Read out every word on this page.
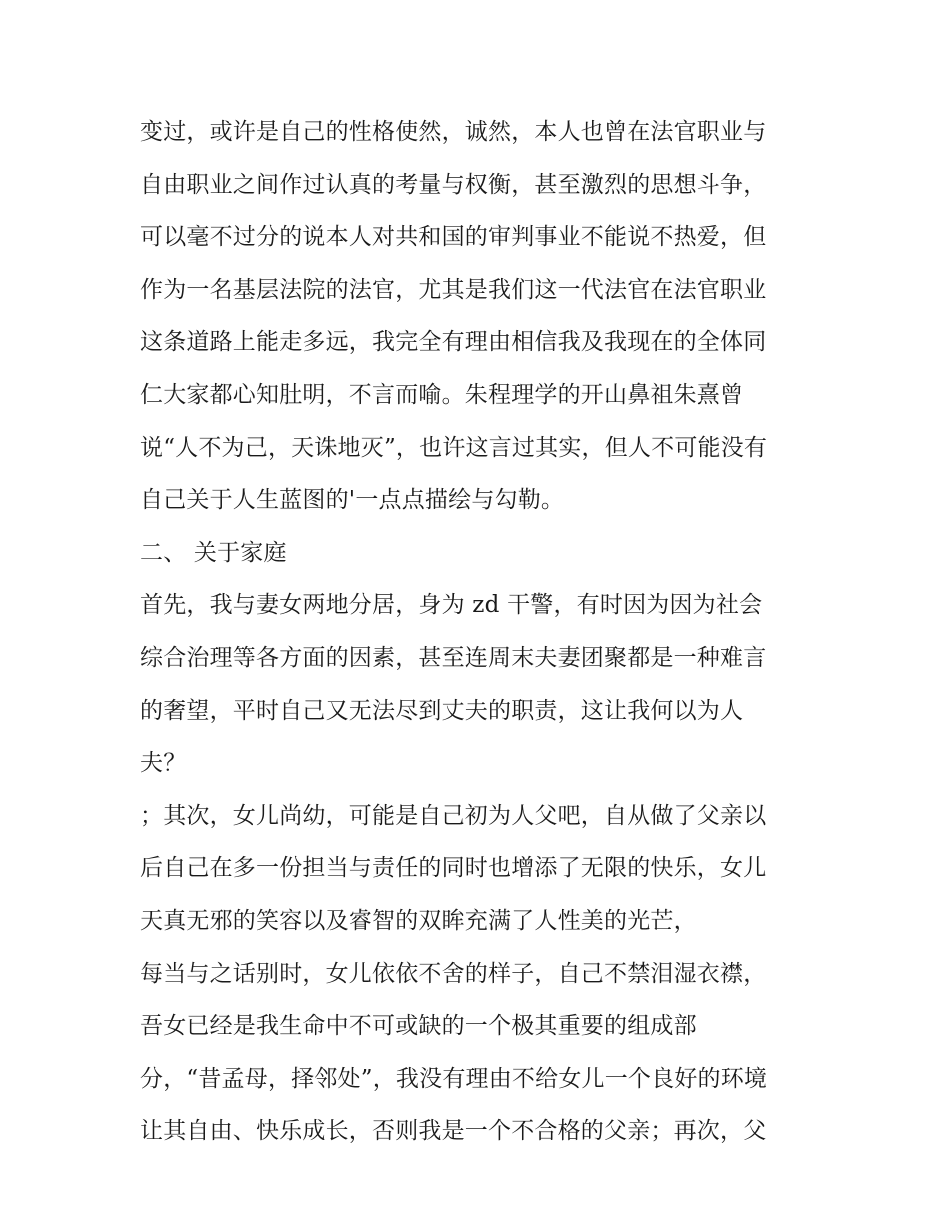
变过，或许是自己的性格使然，诚然，本人也曾在法官职业与
自由职业之间作过认真的考量与权衡，甚至激烈的思想斗争，
可以毫不过分的说本人对共和国的审判事业不能说不热爱，但
作为一名基层法院的法官，尤其是我们这一代法官在法官职业
这条道路上能走多远，我完全有理由相信我及我现在的全体同
仁大家都心知肚明，不言而喻。朱程理学的开山鼻祖朱熹曾
说“人不为己，天诛地灭”，也许这言过其实，但人不可能没有
自己关于人生蓝图的'一点点描绘与勾勒。
二、 关于家庭
首先，我与妻女两地分居，身为 zd 干警，有时因为因为社会
综合治理等各方面的因素，甚至连周末夫妻团聚都是一种难言
的奢望，平时自己又无法尽到丈夫的职责，这让我何以为人
夫？
；其次，女儿尚幼，可能是自己初为人父吧，自从做了父亲以
后自己在多一份担当与责任的同时也增添了无限的快乐，女儿
天真无邪的笑容以及睿智的双眸充满了人性美的光芒，
每当与之话别时，女儿依依不舍的样子，自己不禁泪湿衣襟，
吾女已经是我生命中不可或缺的一个极其重要的组成部
分，“昔孟母，择邻处”，我没有理由不给女儿一个良好的环境
让其自由、快乐成长，否则我是一个不合格的父亲；再次，父
